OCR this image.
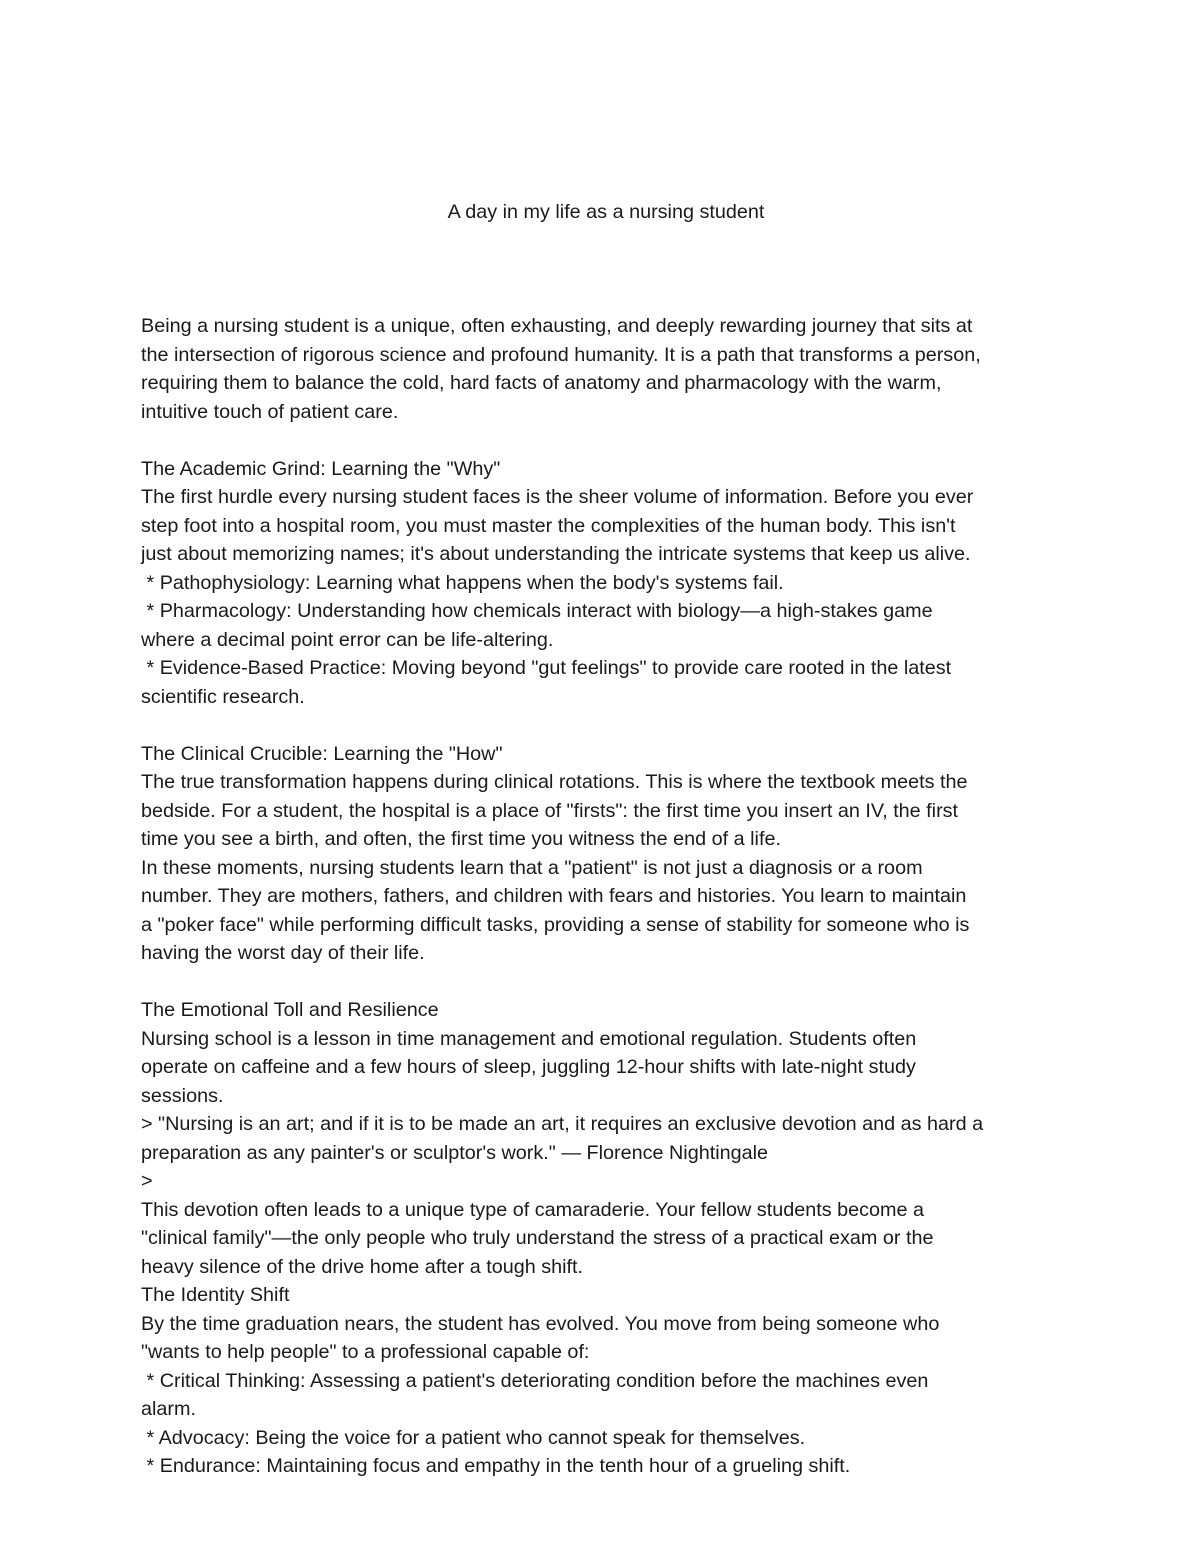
A day in my life as a nursing student

Being a nursing student is a unique, often exhausting, and deeply rewarding journey that sits at
the intersection of rigorous science and profound humanity. It is a path that transforms a person,
requiring them to balance the cold, hard facts of anatomy and pharmacology with the warm,
intuitive touch of patient care.
The Academic Grind: Learning the "Why"
The first hurdle every nursing student faces is the sheer volume of information. Before you ever
step foot into a hospital room, you must master the complexities of the human body. This isn't
just about memorizing names; it's about understanding the intricate systems that keep us alive.
* Pathophysiology: Learning what happens when the body's systems fail.
* Pharmacology: Understanding how chemicals interact with biology—a high-stakes game
where a decimal point error can be life-altering.
* Evidence-Based Practice: Moving beyond "gut feelings" to provide care rooted in the latest
scientific research.
The Clinical Crucible: Learning the "How"
The true transformation happens during clinical rotations. This is where the textbook meets the
bedside. For a student, the hospital is a place of "firsts": the first time you insert an IV, the first
time you see a birth, and often, the first time you witness the end of a life.
In these moments, nursing students learn that a "patient" is not just a diagnosis or a room
number. They are mothers, fathers, and children with fears and histories. You learn to maintain
a "poker face" while performing difficult tasks, providing a sense of stability for someone who is
having the worst day of their life.
The Emotional Toll and Resilience
Nursing school is a lesson in time management and emotional regulation. Students often
operate on caffeine and a few hours of sleep, juggling 12-hour shifts with late-night study
sessions.
> "Nursing is an art; and if it is to be made an art, it requires an exclusive devotion and as hard a
preparation as any painter's or sculptor's work." — Florence Nightingale
>
This devotion often leads to a unique type of camaraderie. Your fellow students become a
"clinical family"—the only people who truly understand the stress of a practical exam or the
heavy silence of the drive home after a tough shift.
The Identity Shift
By the time graduation nears, the student has evolved. You move from being someone who
"wants to help people" to a professional capable of:
* Critical Thinking: Assessing a patient's deteriorating condition before the machines even
alarm.
* Advocacy: Being the voice for a patient who cannot speak for themselves.
* Endurance: Maintaining focus and empathy in the tenth hour of a grueling shift.
